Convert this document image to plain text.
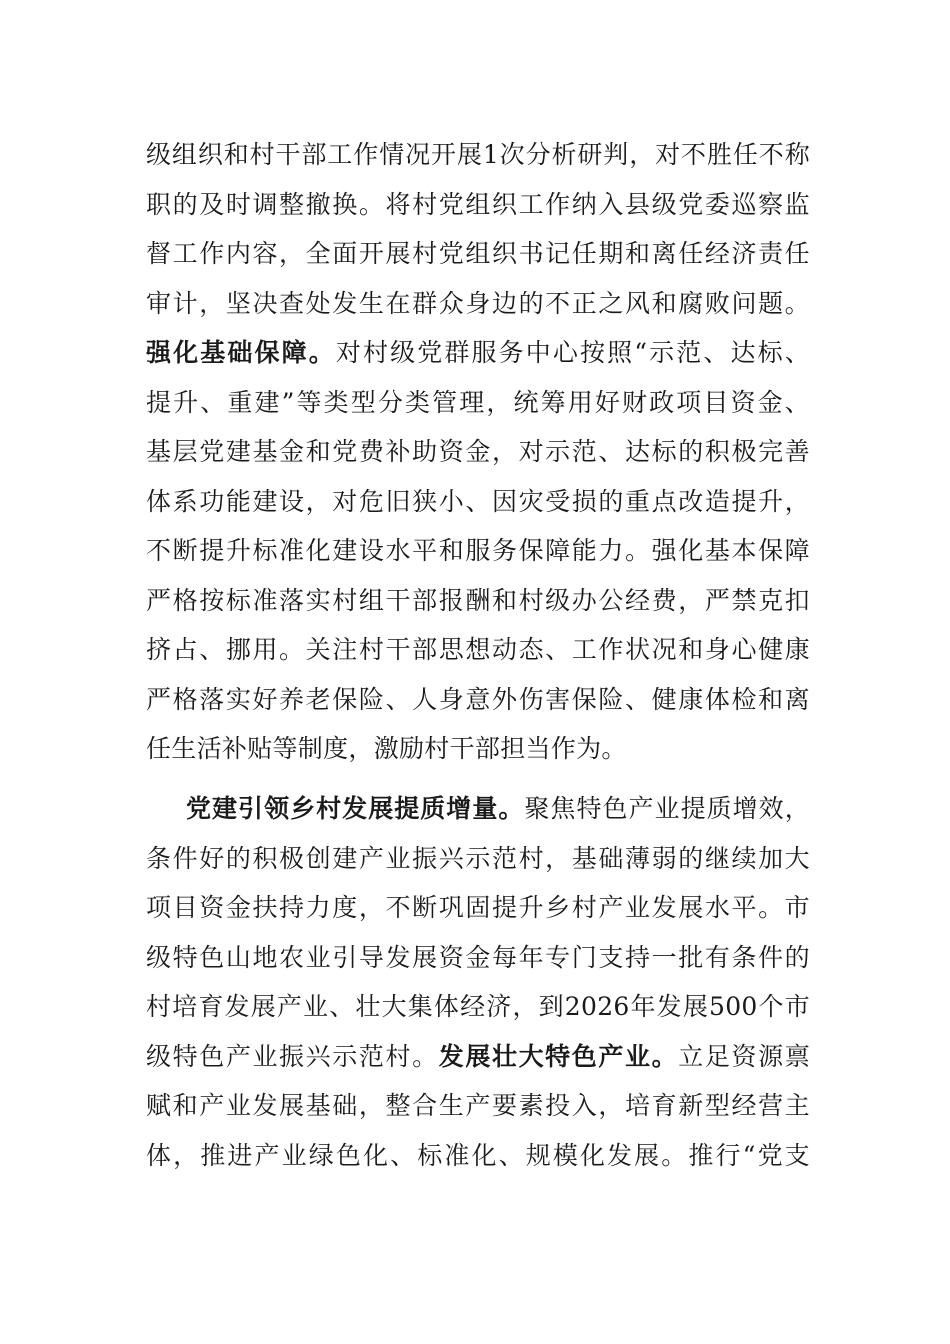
级组织和村干部工作情况开展1次分析研判，对不胜任不称
职的及时调整撤换。将村党组织工作纳入县级党委巡察监
督工作内容，全面开展村党组织书记任期和离任经济责任
审计，坚决查处发生在群众身边的不正之风和腐败问题。
强化基础保障。对村级党群服务中心按照“示范、达标、
提升、重建”等类型分类管理，统筹用好财政项目资金、
基层党建基金和党费补助资金，对示范、达标的积极完善
体系功能建设，对危旧狭小、因灾受损的重点改造提升，
不断提升标准化建设水平和服务保障能力。强化基本保障
严格按标准落实村组干部报酬和村级办公经费，严禁克扣
挤占、挪用。关注村干部思想动态、工作状况和身心健康
严格落实好养老保险、人身意外伤害保险、健康体检和离
任生活补贴等制度，激励村干部担当作为。
党建引领乡村发展提质增量。聚焦特色产业提质增效，
条件好的积极创建产业振兴示范村，基础薄弱的继续加大
项目资金扶持力度，不断巩固提升乡村产业发展水平。市
级特色山地农业引导发展资金每年专门支持一批有条件的
村培育发展产业、壮大集体经济，到2026年发展500个市
级特色产业振兴示范村。发展壮大特色产业。立足资源禀
赋和产业发展基础，整合生产要素投入，培育新型经营主
体，推进产业绿色化、标准化、规模化发展。推行“党支
